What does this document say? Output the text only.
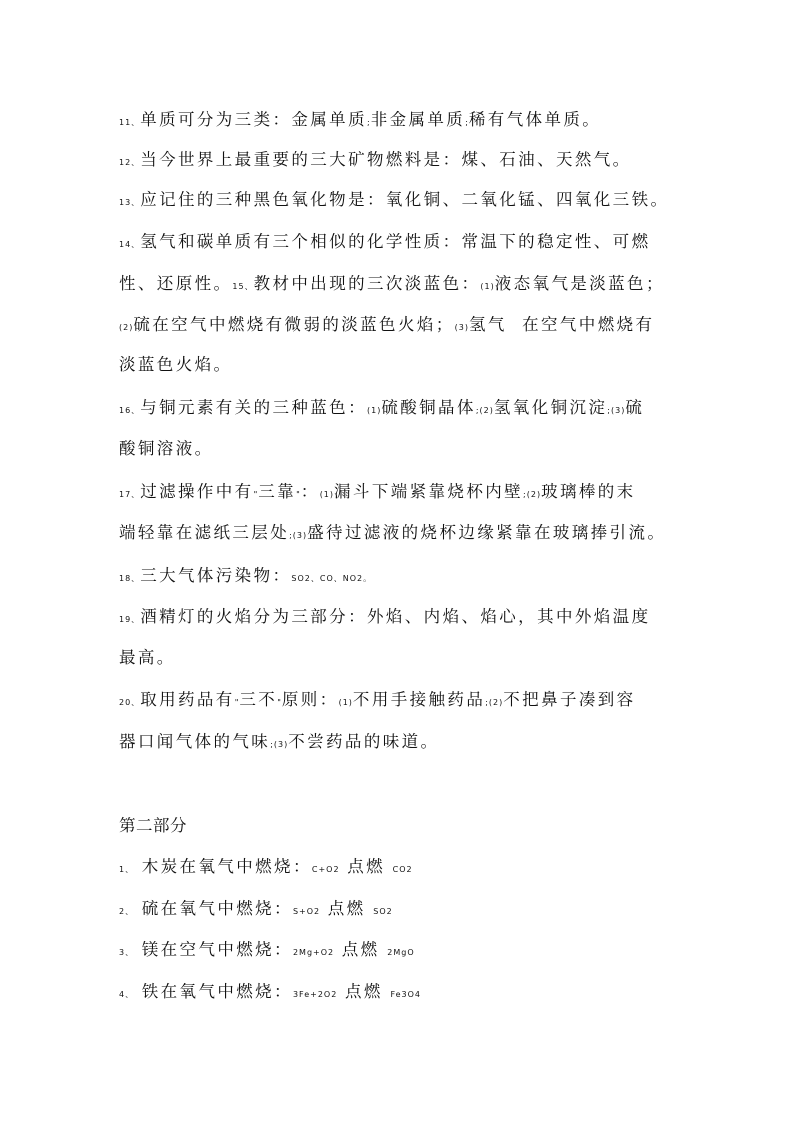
11、单质可分为三类：金属单质;非金属单质;稀有气体单质。
12、当今世界上最重要的三大矿物燃料是：煤、石油、天然气。
13、应记住的三种黑色氧化物是：氧化铜、二氧化锰、四氧化三铁。
14、氢气和碳单质有三个相似的化学性质：常温下的稳定性、可燃
性、还原性。15、教材中出现的三次淡蓝色：(1)液态氧气是淡蓝色；
(2)硫在空气中燃烧有微弱的淡蓝色火焰；(3)氢气  在空气中燃烧有
淡蓝色火焰。
16、与铜元素有关的三种蓝色：(1)硫酸铜晶体;(2)氢氧化铜沉淀;(3)硫
酸铜溶液。
17、过滤操作中有"三靠"：(1)漏斗下端紧靠烧杯内壁;(2)玻璃棒的末
端轻靠在滤纸三层处;(3)盛待过滤液的烧杯边缘紧靠在玻璃捧引流。
18、三大气体污染物：SO2、CO、NO2。
19、酒精灯的火焰分为三部分：外焰、内焰、焰心，其中外焰温度
最高。
20、取用药品有"三不"原则：(1)不用手接触药品;(2)不把鼻子凑到容
器口闻气体的气味;(3)不尝药品的味道。
第二部分
1、 木炭在氧气中燃烧：C+O2 点燃 CO2
2、 硫在氧气中燃烧：S+O2 点燃 SO2
3、 镁在空气中燃烧：2Mg+O2 点燃 2MgO
4、 铁在氧气中燃烧：3Fe+2O2 点燃 Fe3O4
